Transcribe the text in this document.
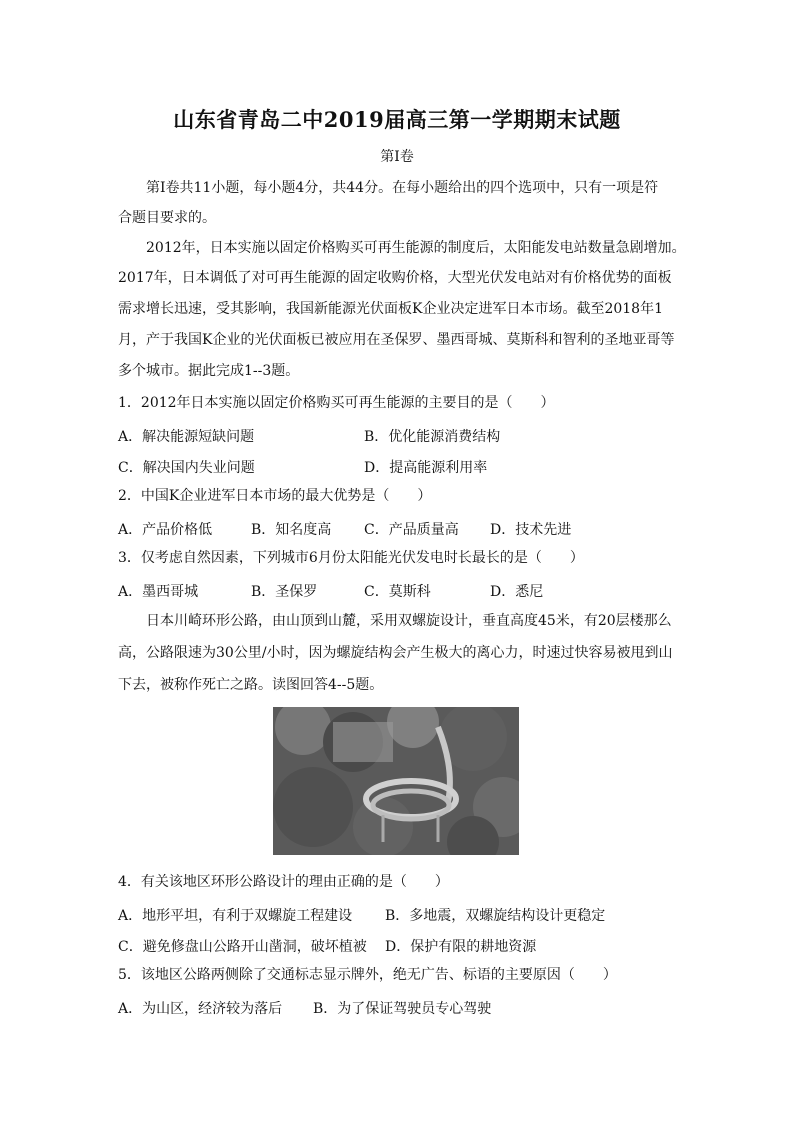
山东省青岛二中2019届高三第一学期期末试题
第I卷
第I卷共11小题，每小题4分，共44分。在每小题给出的四个选项中，只有一项是符
合题目要求的。
2012年，日本实施以固定价格购买可再生能源的制度后，太阳能发电站数量急剧增加。
2017年，日本调低了对可再生能源的固定收购价格，大型光伏发电站对有价格优势的面板
需求增长迅速，受其影响，我国新能源光伏面板K企业决定进军日本市场。截至2018年1
月，产于我国K企业的光伏面板已被应用在圣保罗、墨西哥城、莫斯科和智利的圣地亚哥等
多个城市。据此完成1--3题。
1．2012年日本实施以固定价格购买可再生能源的主要目的是（　　）
A．解决能源短缺问题	B．优化能源消费结构
C．解决国内失业问题	D．提高能源利用率
2．中国K企业进军日本市场的最大优势是（　　）
A．产品价格低	B．知名度高 C．产品质量高 D．技术先进
3．仅考虑自然因素，下列城市6月份太阳能光伏发电时长最长的是（　　）
A．墨西哥城	B．圣保罗	C．莫斯科	D．悉尼
日本川崎环形公路，由山顶到山麓，采用双螺旋设计，垂直高度45米，有20层楼那么
高，公路限速为30公里/小时，因为螺旋结构会产生极大的离心力，时速过快容易被甩到山
下去，被称作死亡之路。读图回答4--5题。
4．有关该地区环形公路设计的理由正确的是（　　）
A．地形平坦，有利于双螺旋工程建设 B．多地震，双螺旋结构设计更稳定
C．避免修盘山公路开山凿洞，破坏植被 D．保护有限的耕地资源
5．该地区公路两侧除了交通标志显示牌外，绝无广告、标语的主要原因（　　）
A．为山区，经济较为落后 B．为了保证驾驶员专心驾驶
